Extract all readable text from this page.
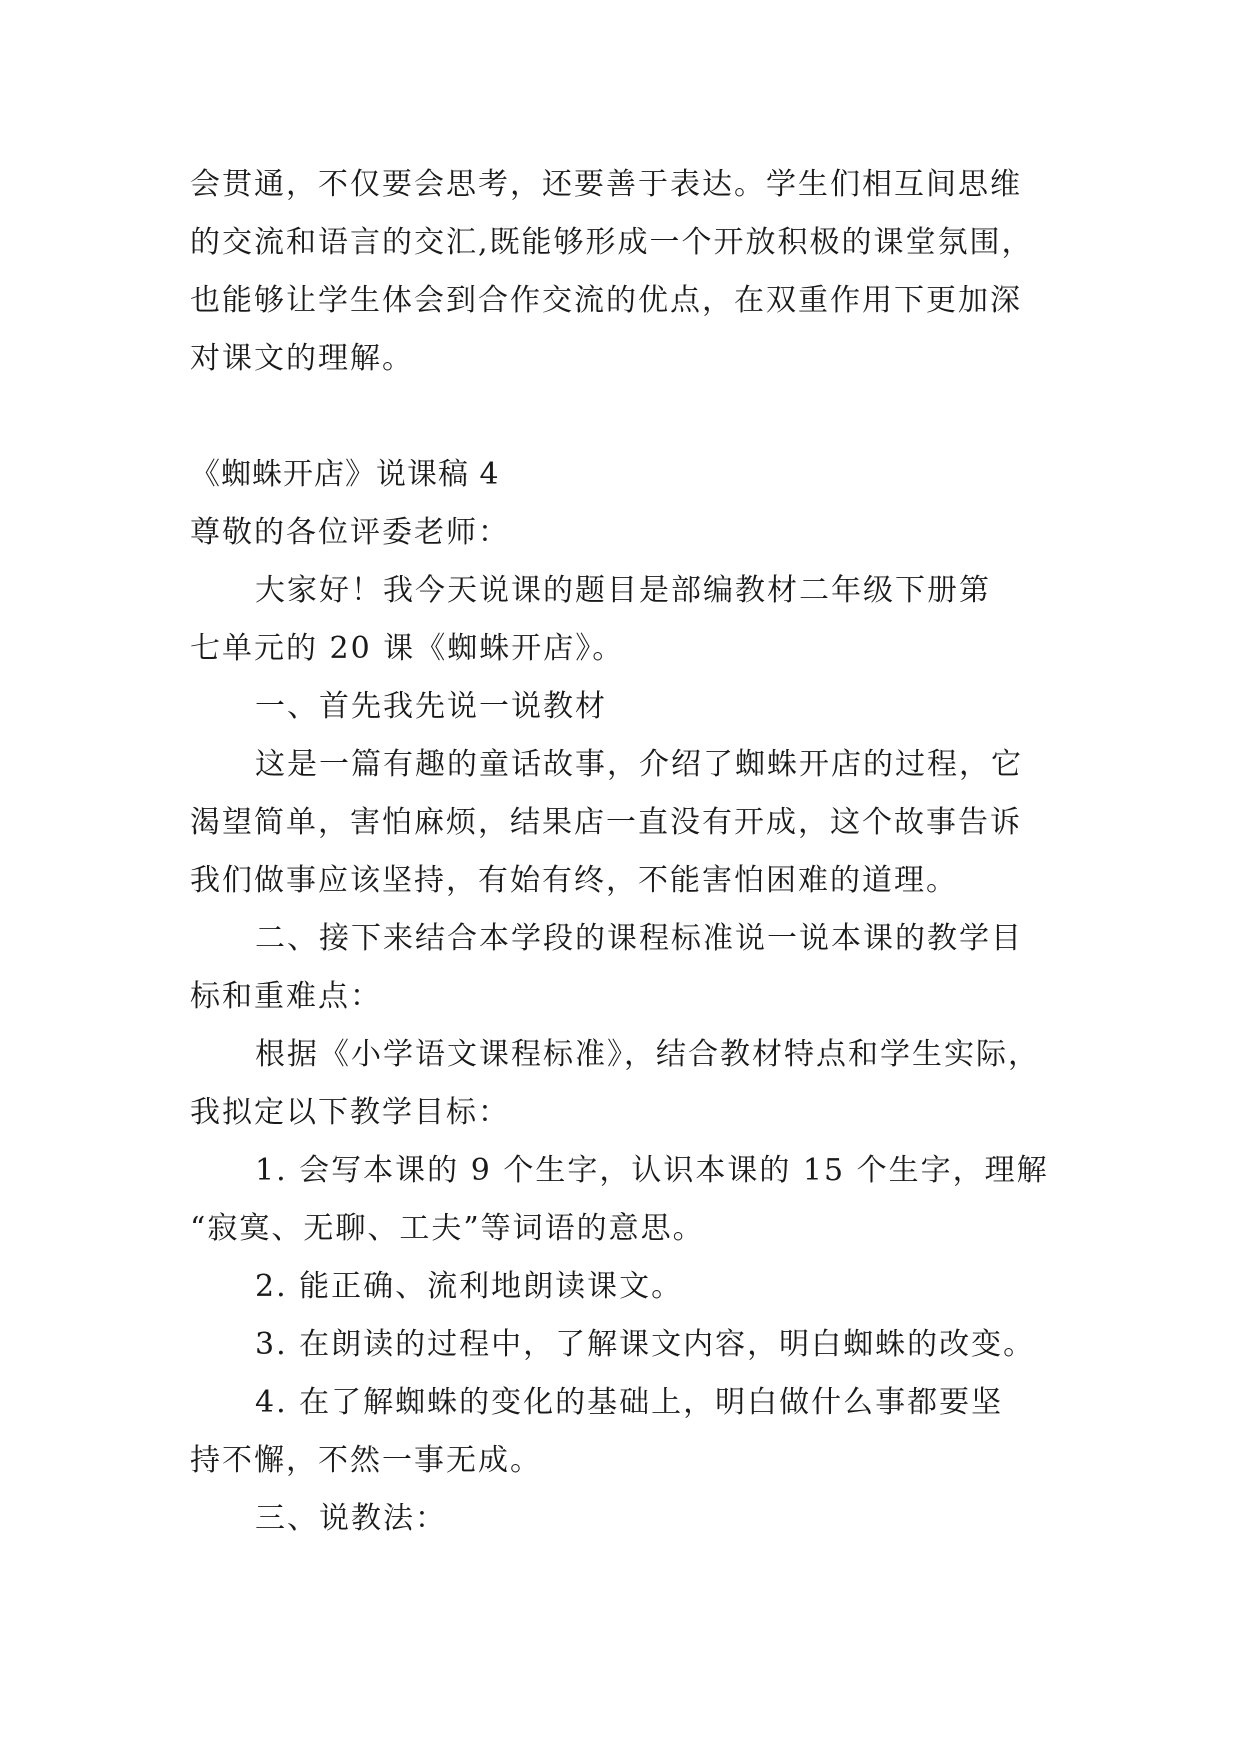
会贯通，不仅要会思考，还要善于表达。学生们相互间思维
的交流和语言的交汇,既能够形成一个开放积极的课堂氛围，
也能够让学生体会到合作交流的优点，在双重作用下更加深
对课文的理解。
《蜘蛛开店》说课稿 4
尊敬的各位评委老师：
大家好！我今天说课的题目是部编教材二年级下册第
七单元的 20 课《蜘蛛开店》。
一、首先我先说一说教材
这是一篇有趣的童话故事，介绍了蜘蛛开店的过程，它
渴望简单，害怕麻烦，结果店一直没有开成，这个故事告诉
我们做事应该坚持，有始有终，不能害怕困难的道理。
二、接下来结合本学段的课程标准说一说本课的教学目
标和重难点：
根据《小学语文课程标准》，结合教材特点和学生实际，
我拟定以下教学目标：
1. 会写本课的 9 个生字，认识本课的 15 个生字，理解
“寂寞、无聊、工夫”等词语的意思。
2. 能正确、流利地朗读课文。
3. 在朗读的过程中，了解课文内容，明白蜘蛛的改变。
4. 在了解蜘蛛的变化的基础上，明白做什么事都要坚
持不懈，不然一事无成。
三、说教法：
